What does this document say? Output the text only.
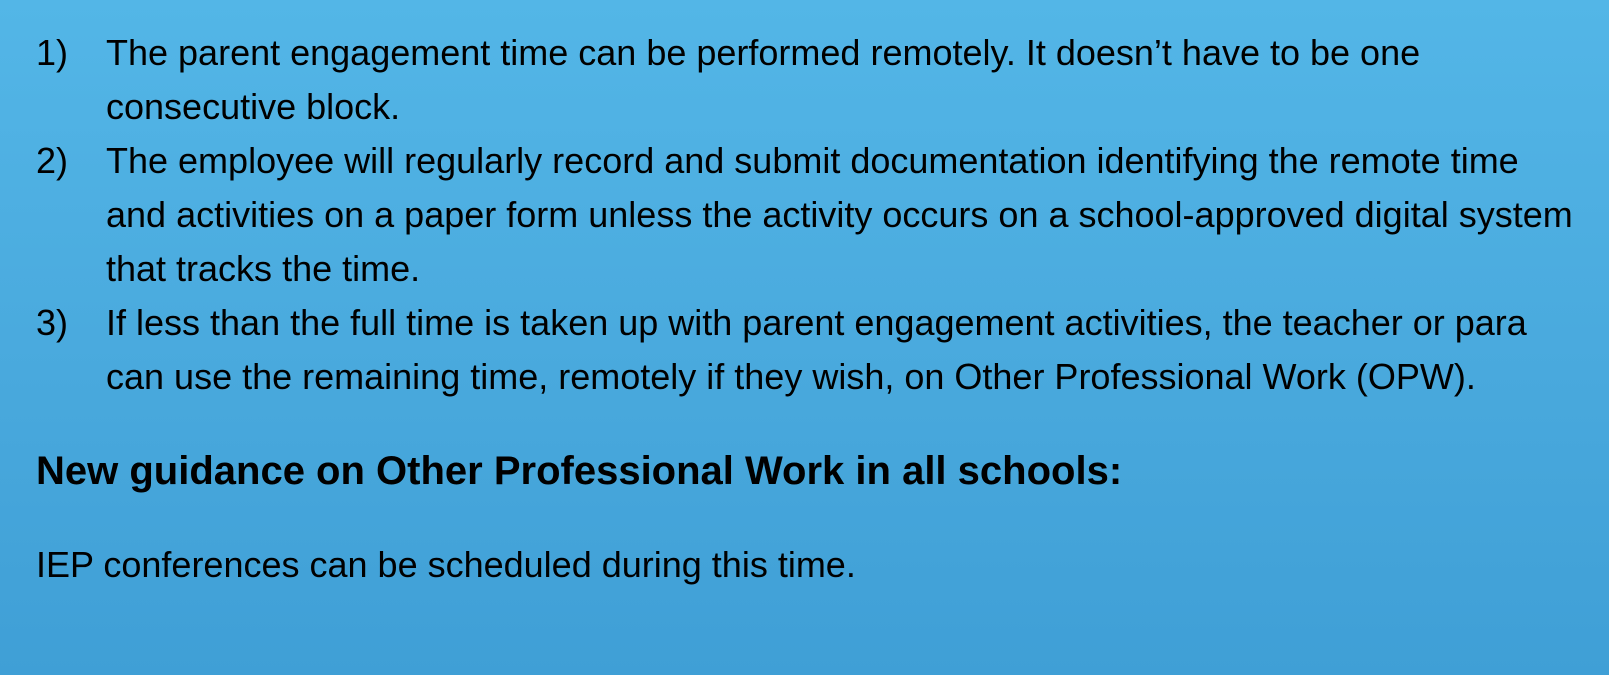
1)	The parent engagement time can be performed remotely. It doesn’t have to be one consecutive block.
2)	The employee will regularly record and submit documentation identifying the remote time and activities on a paper form unless the activity occurs on a school-approved digital system that tracks the time.
3)	If less than the full time is taken up with parent engagement activities, the teacher or para can use the remaining time, remotely if they wish, on Other Professional Work (OPW).
New guidance on Other Professional Work in all schools:

IEP conferences can be scheduled during this time.
